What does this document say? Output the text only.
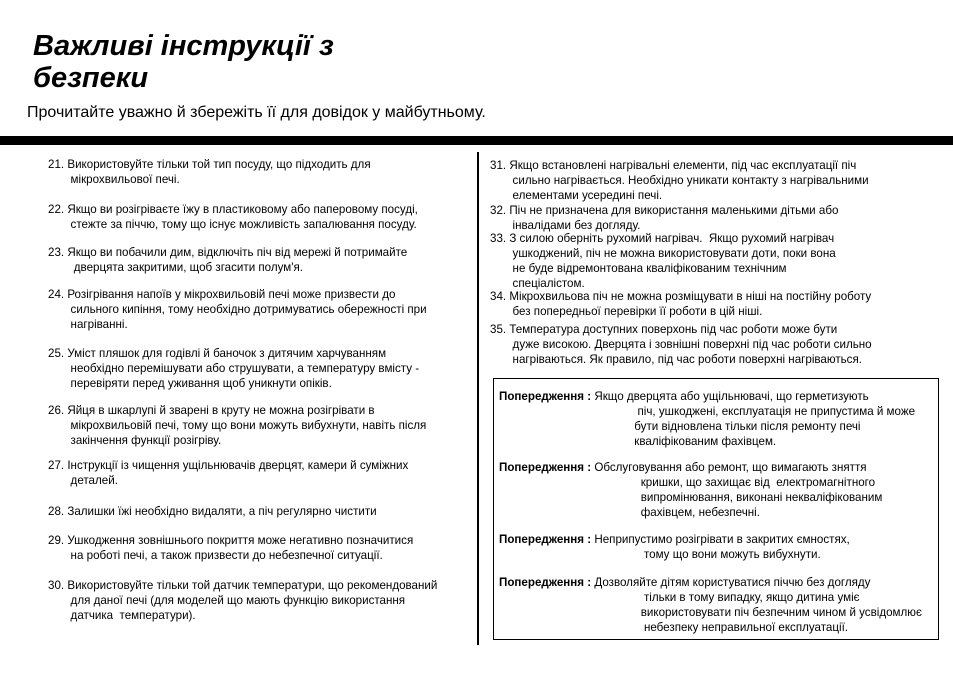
Важливі інструкції з безпеки
Прочитайте уважно й збережіть її для довідок у майбутньому.
21. Використовуйте тільки той тип посуду, що підходить для
мікрохвильової печі.
22. Якщо ви розігріваєте їжу в пластиковому або паперовому посуді,
стежте за піччю, тому що існує можливість запалювання посуду.
23. Якщо ви побачили дим, відключіть піч від мережі й потримайте
дверцята закритими, щоб згасити полум'я.
24. Розігрівання напоїв у мікрохвильовій печі може призвести до
сильного кипіння, тому необхідно дотримуватись обережності при
нагріванні.
25. Уміст пляшок для годівлі й баночок з дитячим харчуванням
необхідно перемішувати або струшувати, а температуру вмісту -
перевіряти перед уживання щоб уникнути опіків.
26. Яйця в шкарлупі й зварені в круту не можна розігрівати в
мікрохвильовій печі, тому що вони можуть вибухнути, навіть після
закінчення функції розігріву.
27. Інструкції із чищення ущільнювачів дверцят, камери й суміжних
деталей.
28. Залишки їжі необхідно видаляти, а піч регулярно чистити
29. Ушкодження зовнішнього покриття може негативно позначитися
на роботі печі, а також призвести до небезпечної ситуації.
30. Використовуйте тільки той датчик температури, що рекомендований
для даної печі (для моделей що мають функцію використання
датчика  температури).
31. Якщо встановлені нагрівальні елементи, під час експлуатації піч
сильно нагрівається. Необхідно уникати контакту з нагрівальними
елементами усередині печі.
32. Піч не призначена для використання маленькими дітьми або
інвалідами без догляду.
33. З силою оберніть рухомий нагрівач.  Якщо рухомий нагрівач
ушкоджений, піч не можна використовувати доти, поки вона
не буде відремонтована кваліфікованим технічним
спеціалістом.
34. Мікрохвильова піч не можна розміщувати в ніші на постійну роботу
без попередньої перевірки її роботи в цій ніші.
35. Температура доступних поверхонь під час роботи може бути
дуже високою. Дверцята і зовнішні поверхні під час роботи сильно
нагріваються. Як правило, під час роботи поверхні нагріваються.
Попередження : Якщо дверцята або ущільнювачі, що герметизують
піч, ушкоджені, експлуатація не припустима й може
бути відновлена тільки після ремонту печі
кваліфікованим фахівцем.
Попередження : Обслуговування або ремонт, що вимагають зняття
кришки, що захищає від  електромагнітного
випромінювання, виконані некваліфікованим
фахівцем, небезпечні.
Попередження : Неприпустимо розігрівати в закритих ємностях,
тому що вони можуть вибухнути.
Попередження : Дозволяйте дітям користуватися піччю без догляду
тільки в тому випадку, якщо дитина уміє
використовувати піч безпечним чином й усвідомлює
небезпеку неправильної експлуатації.
